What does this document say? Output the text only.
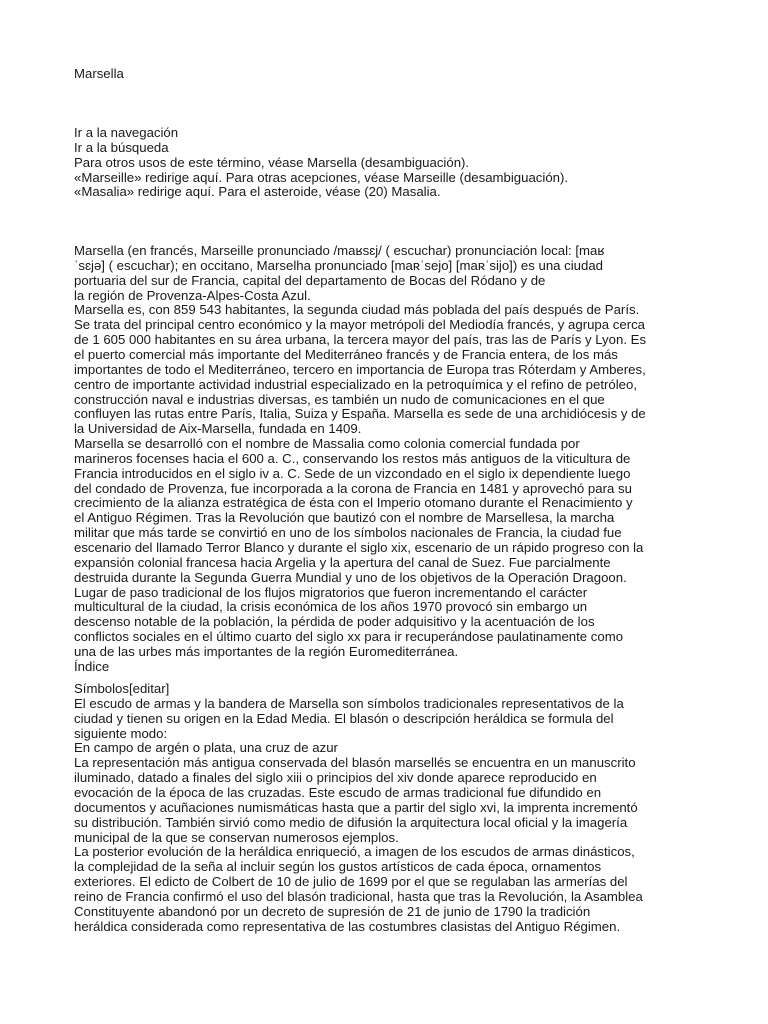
Marsella
Ir a la navegación
Ir a la búsqueda
Para otros usos de este término, véase Marsella (desambiguación).
«Marseille» redirige aquí. Para otras acepciones, véase Marseille (desambiguación).
«Masalia» redirige aquí. Para el asteroide, véase (20) Masalia.
Marsella (en francés, Marseille pronunciado /maʁsɛj/ ( escuchar) pronunciación local: [maʁ
ˈsɛjə] ( escuchar); en occitano, Marselha pronunciado [maʀˈsejo] [maʀˈsijo]) es una ciudad
portuaria del sur de Francia, capital del departamento de Bocas del Ródano y de
la región de Provenza-Alpes-Costa Azul.
Marsella es, con 859 543 habitantes, la segunda ciudad más poblada del país después de París.
Se trata del principal centro económico y la mayor metrópoli del Mediodía francés, y agrupa cerca
de 1 605 000 habitantes en su área urbana, la tercera mayor del país, tras las de París y Lyon. Es
el puerto comercial más importante del Mediterráneo francés y de Francia entera, de los más
importantes de todo el Mediterráneo, tercero en importancia de Europa tras Róterdam y Amberes,
centro de importante actividad industrial especializado en la petroquímica y el refino de petróleo,
construcción naval e industrias diversas, es también un nudo de comunicaciones en el que
confluyen las rutas entre París, Italia, Suiza y España. Marsella es sede de una archidiócesis y de
la Universidad de Aix-Marsella, fundada en 1409.
Marsella se desarrolló con el nombre de Massalia como colonia comercial fundada por
marineros focenses hacia el 600 a. C., conservando los restos más antiguos de la viticultura de
Francia introducidos en el siglo iv a. C. Sede de un vizcondado en el siglo ix dependiente luego
del condado de Provenza, fue incorporada a la corona de Francia en 1481 y aprovechó para su
crecimiento de la alianza estratégica de ésta con el Imperio otomano durante el Renacimiento y
el Antiguo Régimen. Tras la Revolución que bautizó con el nombre de Marsellesa, la marcha
militar que más tarde se convirtió en uno de los símbolos nacionales de Francia, la ciudad fue
escenario del llamado Terror Blanco y durante el siglo xix, escenario de un rápido progreso con la
expansión colonial francesa hacia Argelia y la apertura del canal de Suez. Fue parcialmente
destruida durante la Segunda Guerra Mundial y uno de los objetivos de la Operación Dragoon.
Lugar de paso tradicional de los flujos migratorios que fueron incrementando el carácter
multicultural de la ciudad, la crisis económica de los años 1970 provocó sin embargo un
descenso notable de la población, la pérdida de poder adquisitivo y la acentuación de los
conflictos sociales en el último cuarto del siglo xx para ir recuperándose paulatinamente como
una de las urbes más importantes de la región Euromediterránea.
Índice
Símbolos[editar]
El escudo de armas y la bandera de Marsella son símbolos tradicionales representativos de la
ciudad y tienen su origen en la Edad Media. El blasón o descripción heráldica se formula del
siguiente modo:
En campo de argén o plata, una cruz de azur
La representación más antigua conservada del blasón marsellés se encuentra en un manuscrito
iluminado, datado a finales del siglo xiii o principios del xiv donde aparece reproducido en
evocación de la época de las cruzadas. Este escudo de armas tradicional fue difundido en
documentos y acuñaciones numismáticas hasta que a partir del siglo xvi, la imprenta incrementó
su distribución. También sirvió como medio de difusión la arquitectura local oficial y la imagería
municipal de la que se conservan numerosos ejemplos.
La posterior evolución de la heráldica enriqueció, a imagen de los escudos de armas dinásticos,
la complejidad de la seña al incluir según los gustos artísticos de cada época, ornamentos
exteriores. El edicto de Colbert de 10 de julio de 1699 por el que se regulaban las armerías del
reino de Francia confirmó el uso del blasón tradicional, hasta que tras la Revolución, la Asamblea
Constituyente abandonó por un decreto de supresión de 21 de junio de 1790 la tradición
heráldica considerada como representativa de las costumbres clasistas del Antiguo Régimen.
